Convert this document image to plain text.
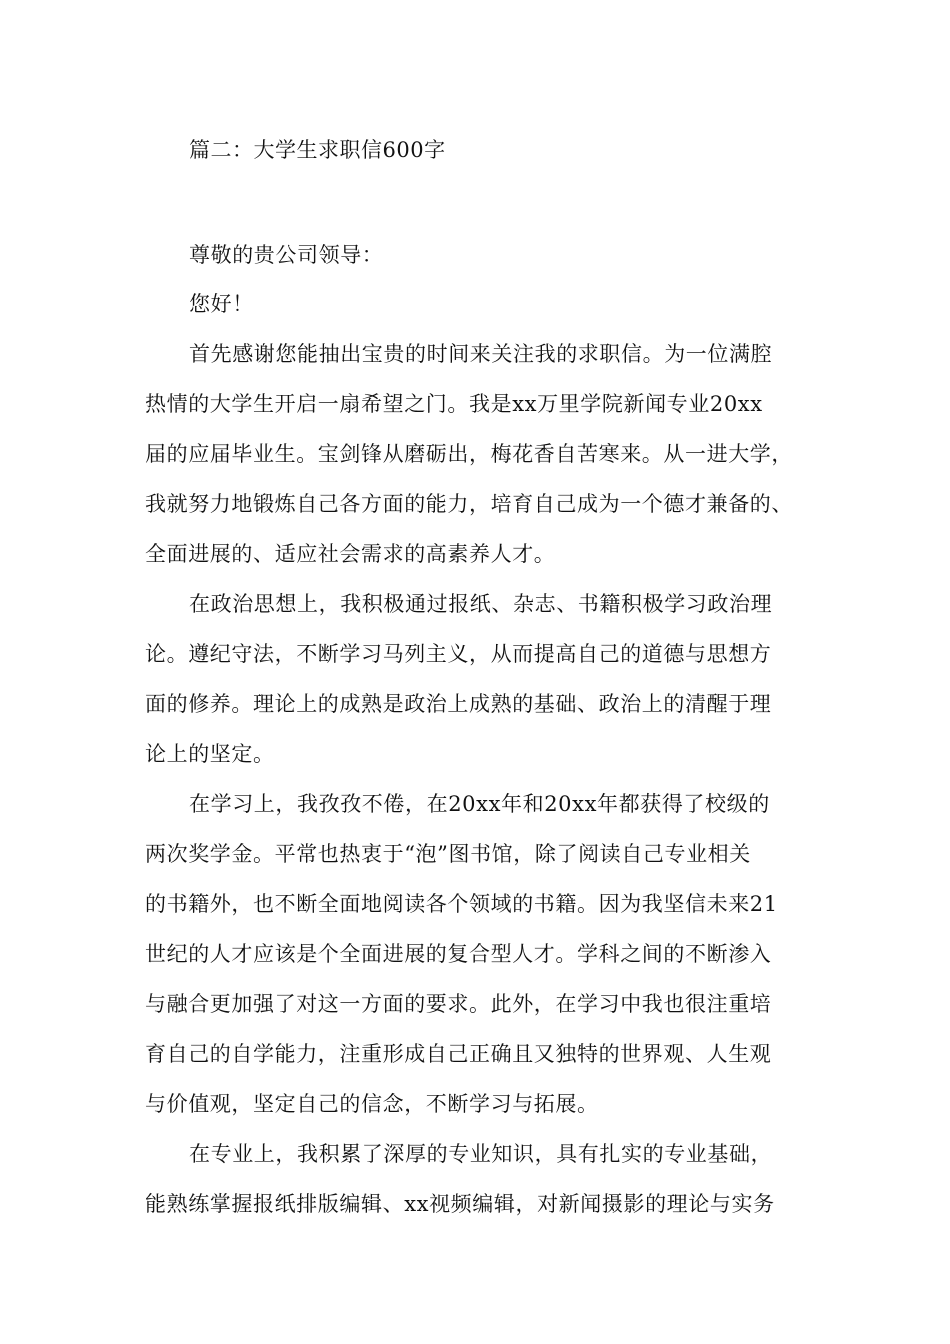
篇二：大学生求职信600字
尊敬的贵公司领导：
您好！
首先感谢您能抽出宝贵的时间来关注我的求职信。为一位满腔
热情的大学生开启一扇希望之门。我是xx万里学院新闻专业20xx
届的应届毕业生。宝剑锋从磨砺出，梅花香自苦寒来。从一进大学，
我就努力地锻炼自己各方面的能力，培育自己成为一个德才兼备的、
全面进展的、适应社会需求的高素养人才。
在政治思想上，我积极通过报纸、杂志、书籍积极学习政治理
论。遵纪守法，不断学习马列主义，从而提高自己的道德与思想方
面的修养。理论上的成熟是政治上成熟的基础、政治上的清醒于理
论上的坚定。
在学习上，我孜孜不倦，在20xx年和20xx年都获得了校级的
两次奖学金。平常也热衷于“泡”图书馆，除了阅读自己专业相关
的书籍外，也不断全面地阅读各个领域的书籍。因为我坚信未来21
世纪的人才应该是个全面进展的复合型人才。学科之间的不断渗入
与融合更加强了对这一方面的要求。此外，在学习中我也很注重培
育自己的自学能力，注重形成自己正确且又独特的世界观、人生观
与价值观，坚定自己的信念，不断学习与拓展。
在专业上，我积累了深厚的专业知识，具有扎实的专业基础，
能熟练掌握报纸排版编辑、xx视频编辑，对新闻摄影的理论与实务
